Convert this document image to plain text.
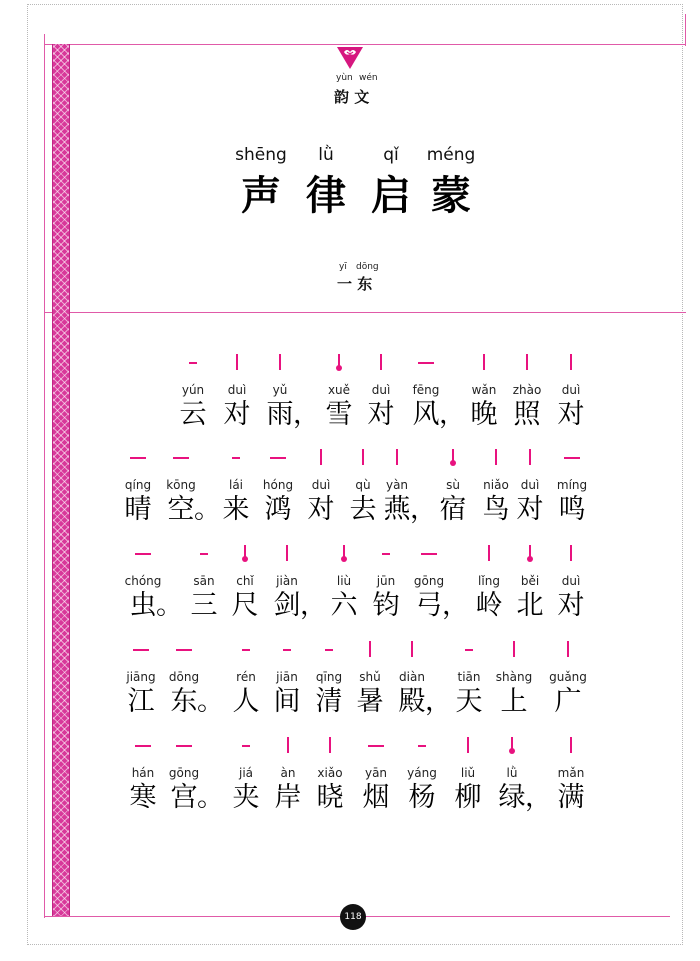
yùn wén
韵 文
shēng	lǜ	qǐ	méng
声 律 启 蒙
yī dōng
一 东
yún
云
duì
对
yǔ
雨 ，
xuě
雪
duì
对
fēng
风 ，
wǎn
晚
zhào
照
duì
对
qíng
晴
kōng
空 。
lái
来
hóng
鸿
duì
对
qù
去
yàn
燕 ，
sù
宿
niǎo
鸟
duì
对
míng
鸣
chóng
虫 。
sān
三
chǐ
尺
jiàn
剑 ，
liù
六
jūn
钧
gōng
弓 ，
lǐng
岭
běi
北
duì
对
jiāng
江
dōng
东 。
rén
人
jiān
间
qīng
清
shǔ
暑
diàn
殿 ，
tiān
天
shàng
上
guǎng
广
hán
寒
gōng
宫 。
jiá
夹
àn
岸
xiǎo
晓
yān
烟
yáng
杨
liǔ
柳
lǜ
绿 ，
mǎn
满
118
